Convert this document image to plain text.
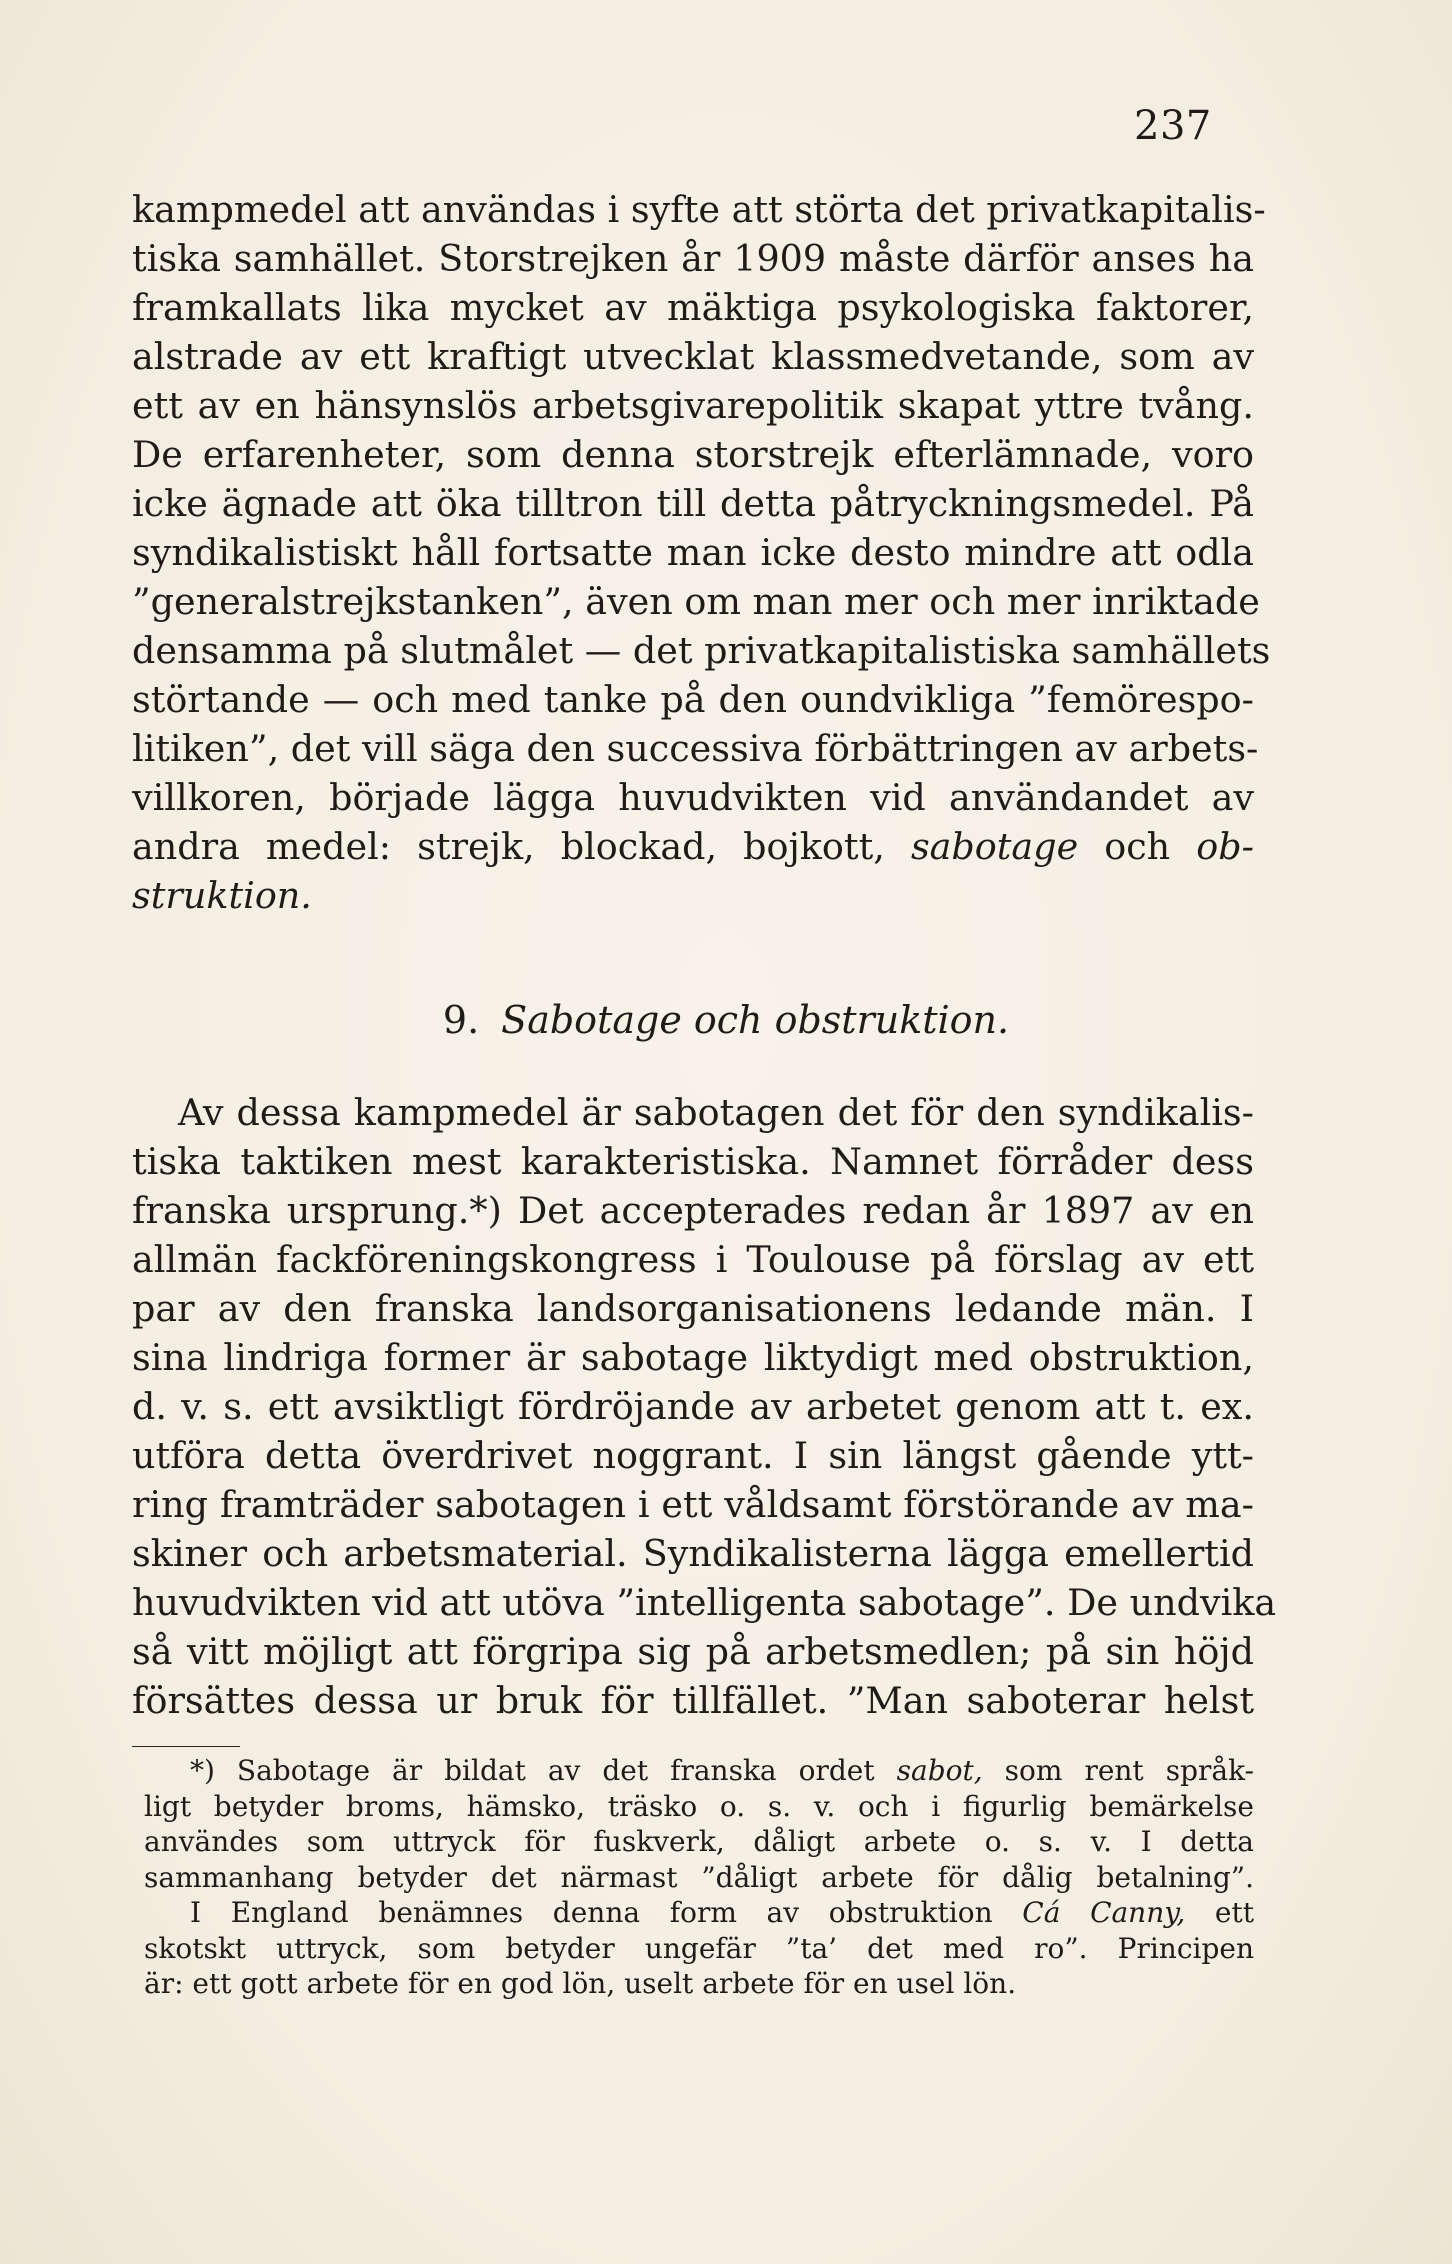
237
kampmedel att användas i syfte att störta det privatkapitalis-
tiska samhället. Storstrejken år 1909 måste därför anses ha
framkallats lika mycket av mäktiga psykologiska faktorer,
alstrade av ett kraftigt utvecklat klassmedvetande, som av
ett av en hänsynslös arbetsgivarepolitik skapat yttre tvång.
De erfarenheter, som denna storstrejk efterlämnade, voro
icke ägnade att öka tilltron till detta påtryckningsmedel. På
syndikalistiskt håll fortsatte man icke desto mindre att odla
”generalstrejkstanken”, även om man mer och mer inriktade
densamma på slutmålet — det privatkapitalistiska samhällets
störtande — och med tanke på den oundvikliga ”femörespo-
litiken”, det vill säga den successiva förbättringen av arbets-
villkoren, började lägga huvudvikten vid användandet av
andra medel: strejk, blockad, bojkott, sabotage och ob-
struktion.
9. Sabotage och obstruktion.
Av dessa kampmedel är sabotagen det för den syndikalis-
tiska taktiken mest karakteristiska. Namnet förråder dess
franska ursprung.*) Det accepterades redan år 1897 av en
allmän fackföreningskongress i Toulouse på förslag av ett
par av den franska landsorganisationens ledande män. I
sina lindriga former är sabotage liktydigt med obstruktion,
d. v. s. ett avsiktligt fördröjande av arbetet genom att t. ex.
utföra detta överdrivet noggrant. I sin längst gående ytt-
ring framträder sabotagen i ett våldsamt förstörande av ma-
skiner och arbetsmaterial. Syndikalisterna lägga emellertid
huvudvikten vid att utöva ”intelligenta sabotage”. De undvika
så vitt möjligt att förgripa sig på arbetsmedlen; på sin höjd
försättes dessa ur bruk för tillfället. ”Man saboterar helst
*) Sabotage är bildat av det franska ordet sabot, som rent språk-
ligt betyder broms, hämsko, träsko o. s. v. och i figurlig bemärkelse
användes som uttryck för fuskverk, dåligt arbete o. s. v. I detta
sammanhang betyder det närmast ”dåligt arbete för dålig betalning”.
I England benämnes denna form av obstruktion Cá Canny, ett
skotskt uttryck, som betyder ungefär ”ta’ det med ro”. Principen
är: ett gott arbete för en god lön, uselt arbete för en usel lön.
